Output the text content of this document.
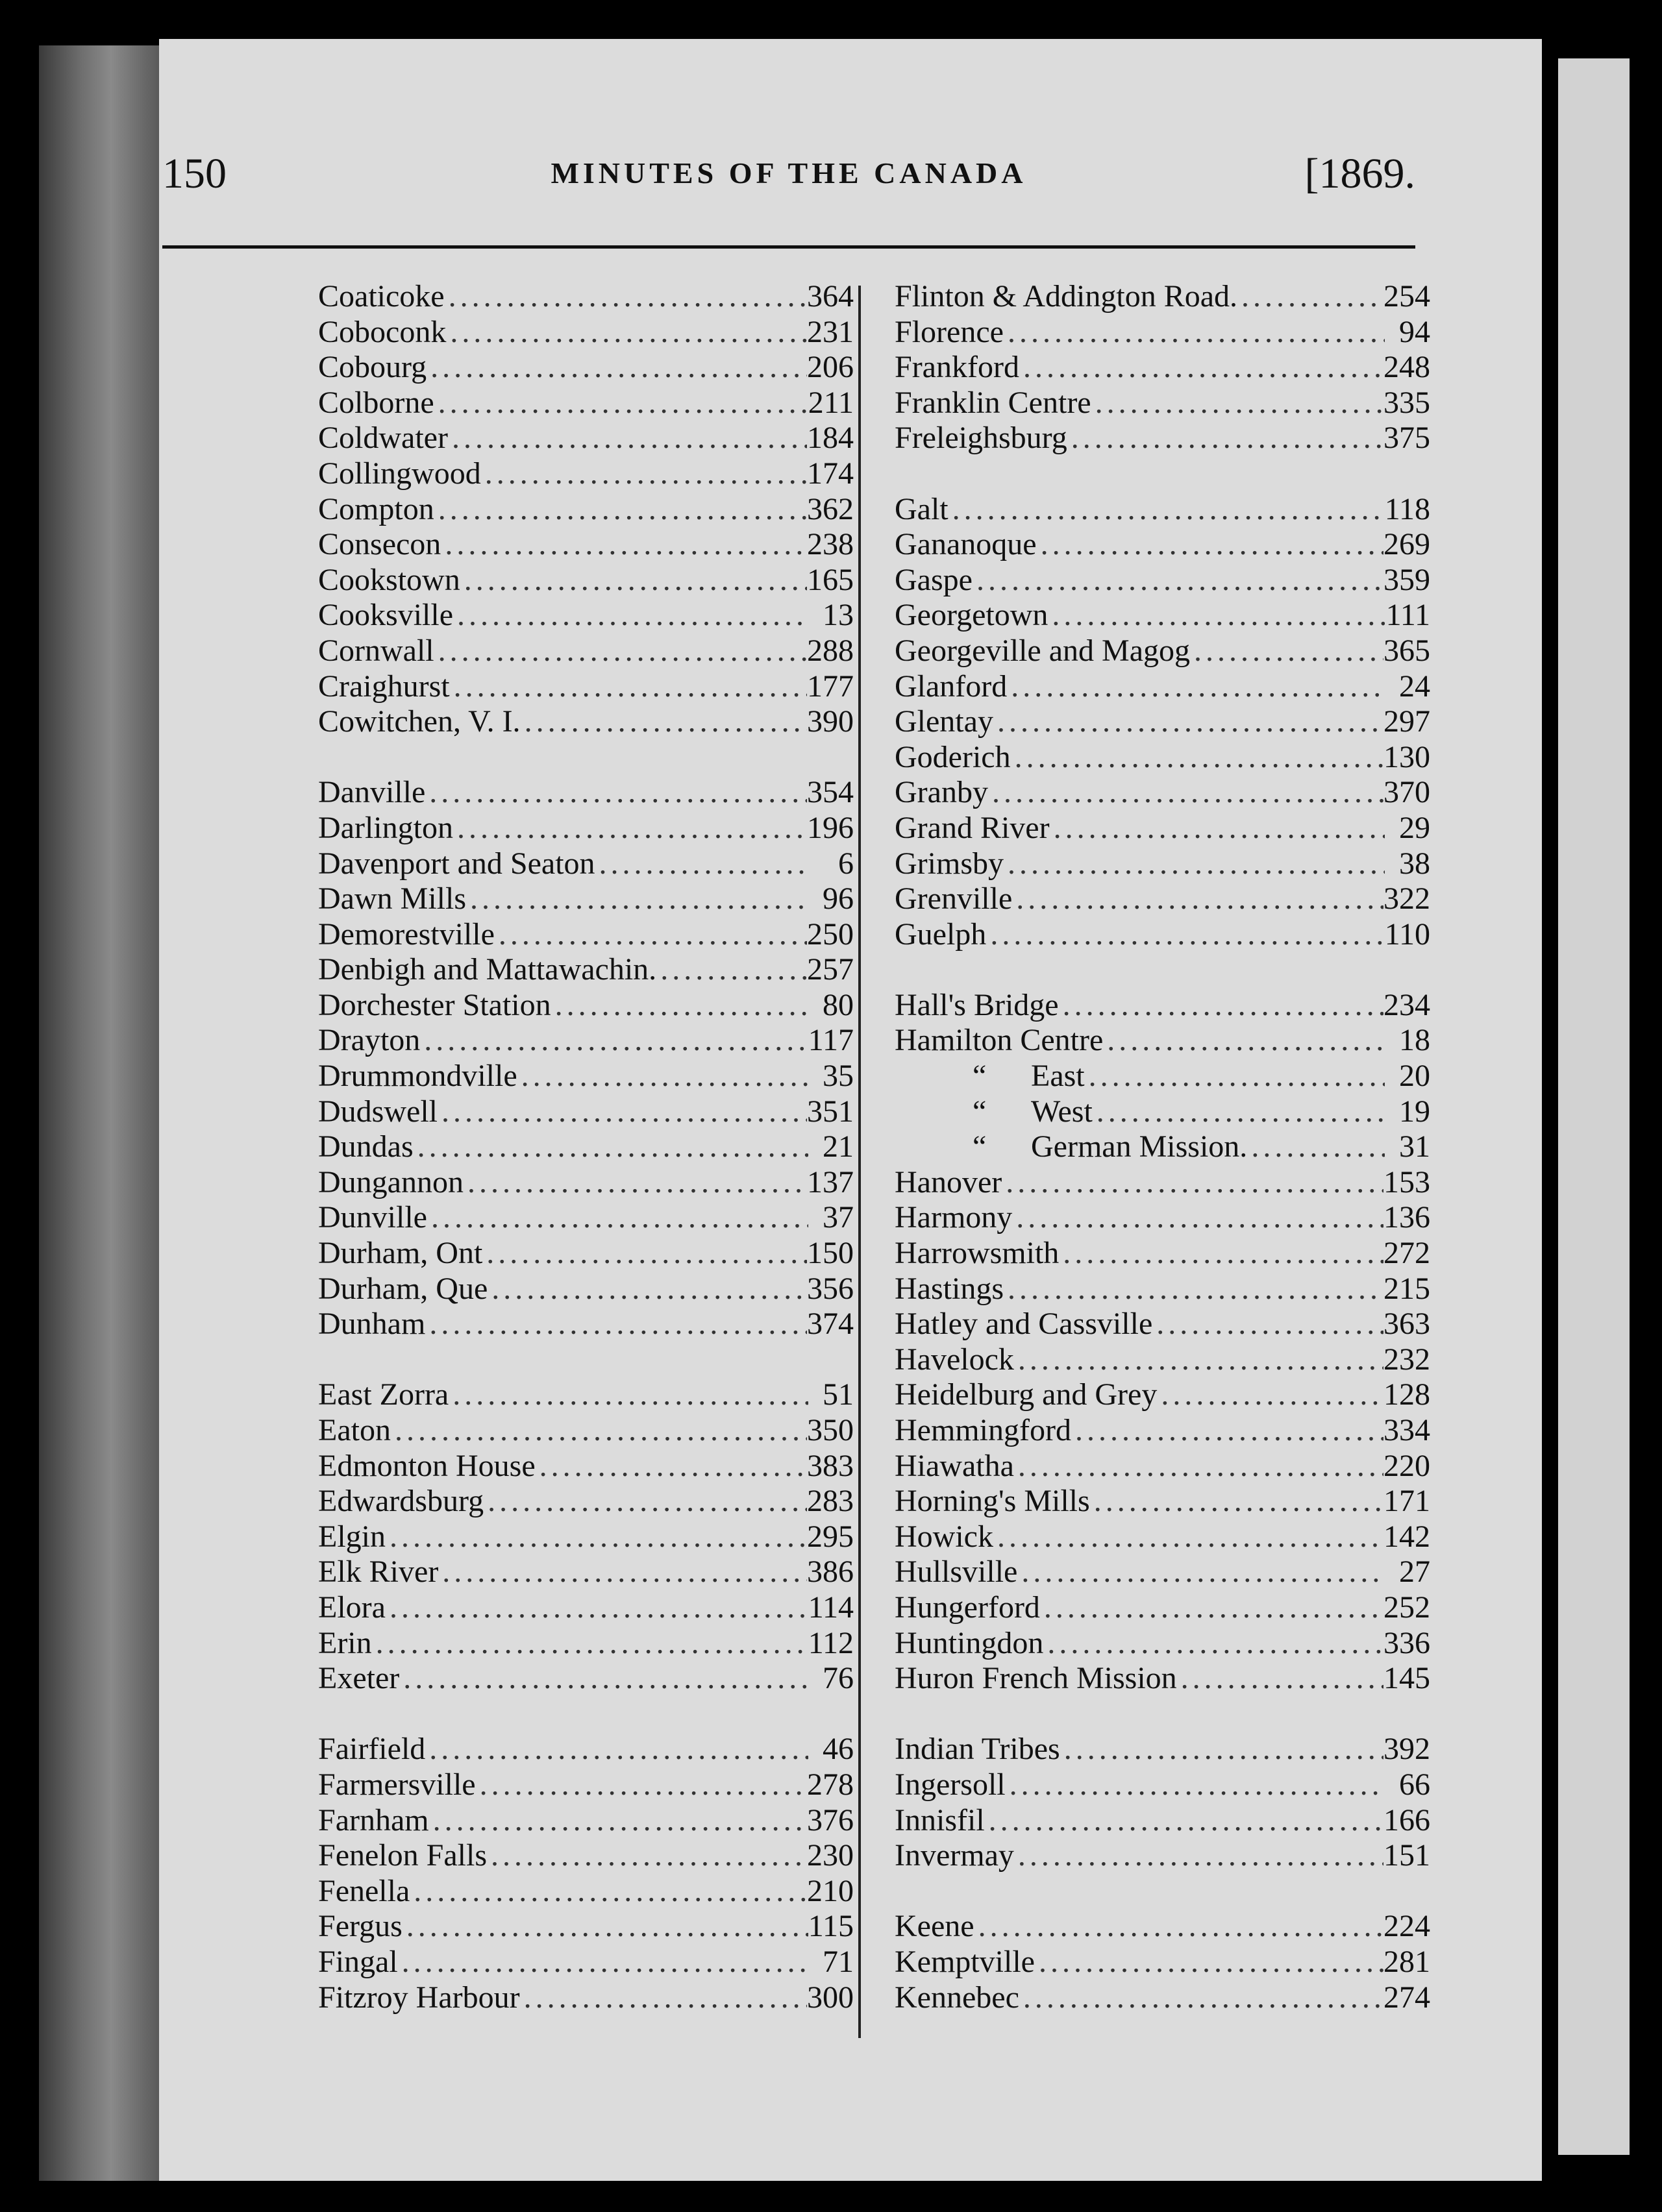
150	MINUTES OF THE CANADA	[1869.
Coaticoke .....	364
Coboconk .....	231
Cobourg .....	206
Colborne .....	211
Coldwater .....	184
Collingwood .....	174
Compton .....	362
Consecon .....	238
Cookstown .....	165
Cooksville .....	13
Cornwall .....	288
Craighurst .....	177
Cowitchen, V. I. .....	390
Danville .....	354
Darlington .....	196
Davenport and Seaton .....	6
Dawn Mills .....	96
Demorestville .....	250
Denbigh and Mattawachin. .....	257
Dorchester Station .....	80
Drayton .....	117
Drummondville .....	35
Dudswell .....	351
Dundas .....	21
Dungannon .....	137
Dunville .....	37
Durham, Ont .....	150
Durham, Que .....	356
Dunham .....	374
East Zorra .....	51
Eaton .....	350
Edmonton House .....	383
Edwardsburg .....	283
Elgin .....	295
Elk River .....	386
Elora .....	114
Erin .....	112
Exeter .....	76
Fairfield .....	46
Farmersville .....	278
Farnham .....	376
Fenelon Falls .....	230
Fenella .....	210
Fergus .....	115
Fingal .....	71
Fitzroy Harbour .....	300
Flinton & Addington Road. .....	254
Florence .....	94
Frankford .....	248
Franklin Centre .....	335
Freleighsburg .....	375
Galt .....	118
Gananoque .....	269
Gaspe .....	359
Georgetown .....	111
Georgeville and Magog .....	365
Glanford .....	24
Glentay .....	297
Goderich .....	130
Granby .....	370
Grand River .....	29
Grimsby .....	38
Grenville .....	322
Guelph .....	110
Hall's Bridge .....	234
Hamilton Centre .....	18
“	East .....	20
“	West .....	19
“	German Mission. .....	31
Hanover .....	153
Harmony .....	136
Harrowsmith .....	272
Hastings .....	215
Hatley and Cassville .....	363
Havelock .....	232
Heidelburg and Grey .....	128
Hemmingford .....	334
Hiawatha .....	220
Horning's Mills .....	171
Howick .....	142
Hullsville .....	27
Hungerford .....	252
Huntingdon .....	336
Huron French Mission .....	145
Indian Tribes .....	392
Ingersoll .....	66
Innisfil .....	166
Invermay .....	151
Keene .....	224
Kemptville .....	281
Kennebec .....	274
